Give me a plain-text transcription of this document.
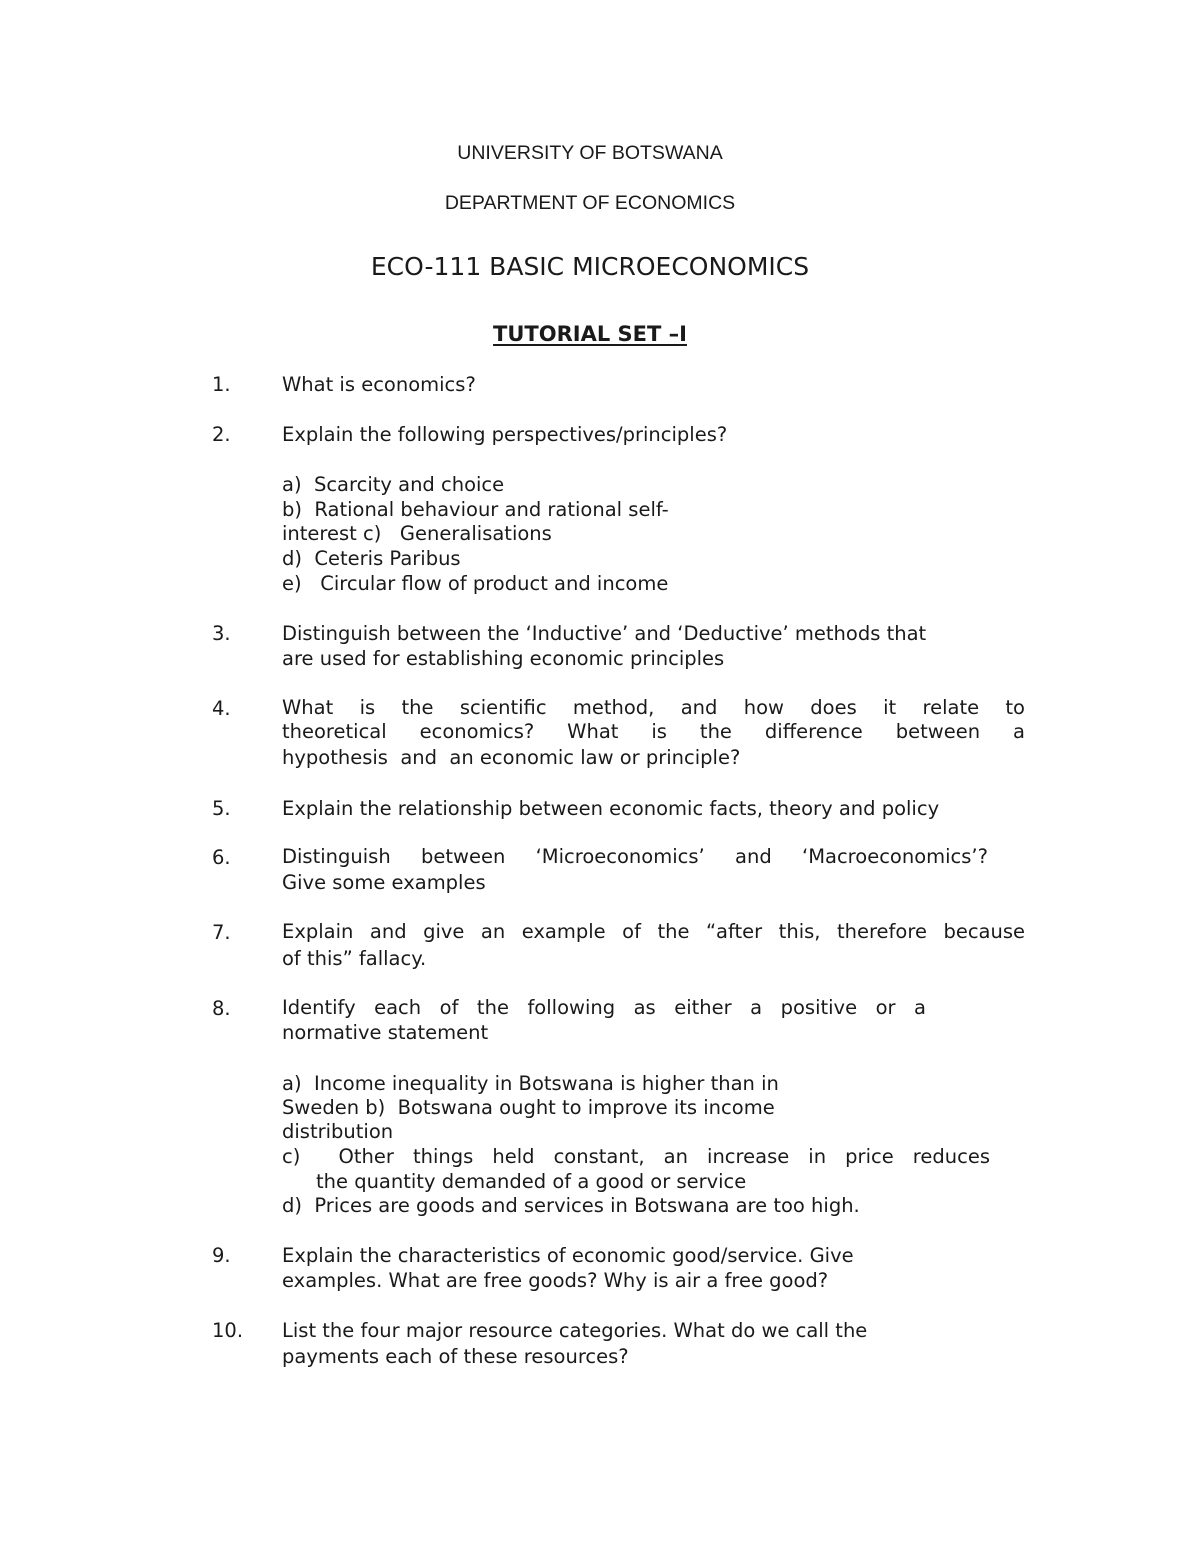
UNIVERSITY OF BOTSWANA
DEPARTMENT OF ECONOMICS
ECO-111 BASIC MICROECONOMICS
TUTORIAL SET –I
1.	What is economics?
2.	Explain the following perspectives/principles?
a)  Scarcity and choice
b)  Rational behaviour and rational self-
interest c)   Generalisations
d)  Ceteris Paribus
e)   Circular flow of product and income
3.	Distinguish between the ‘Inductive’ and ‘Deductive’ methods that
are used for establishing economic principles
4.	What is the scientific method, and how does it relate to
theoretical economics? What is the difference between a
hypothesis  and  an economic law or principle?
5.	Explain the relationship between economic facts, theory and policy
6.	Distinguish between ‘Microeconomics’ and ‘Macroeconomics’?
Give some examples
7.	Explain and give an example of the “after this, therefore because
of this” fallacy.
8.	Identify each of the following as either a positive or a
normative statement
a)  Income inequality in Botswana is higher than in
Sweden b)  Botswana ought to improve its income
distribution
c)  Other things held constant, an increase in price reduces
the quantity demanded of a good or service
d)  Prices are goods and services in Botswana are too high.
9.	Explain the characteristics of economic good/service. Give
examples. What are free goods? Why is air a free good?
10. List the four major resource categories. What do we call the
payments each of these resources?
